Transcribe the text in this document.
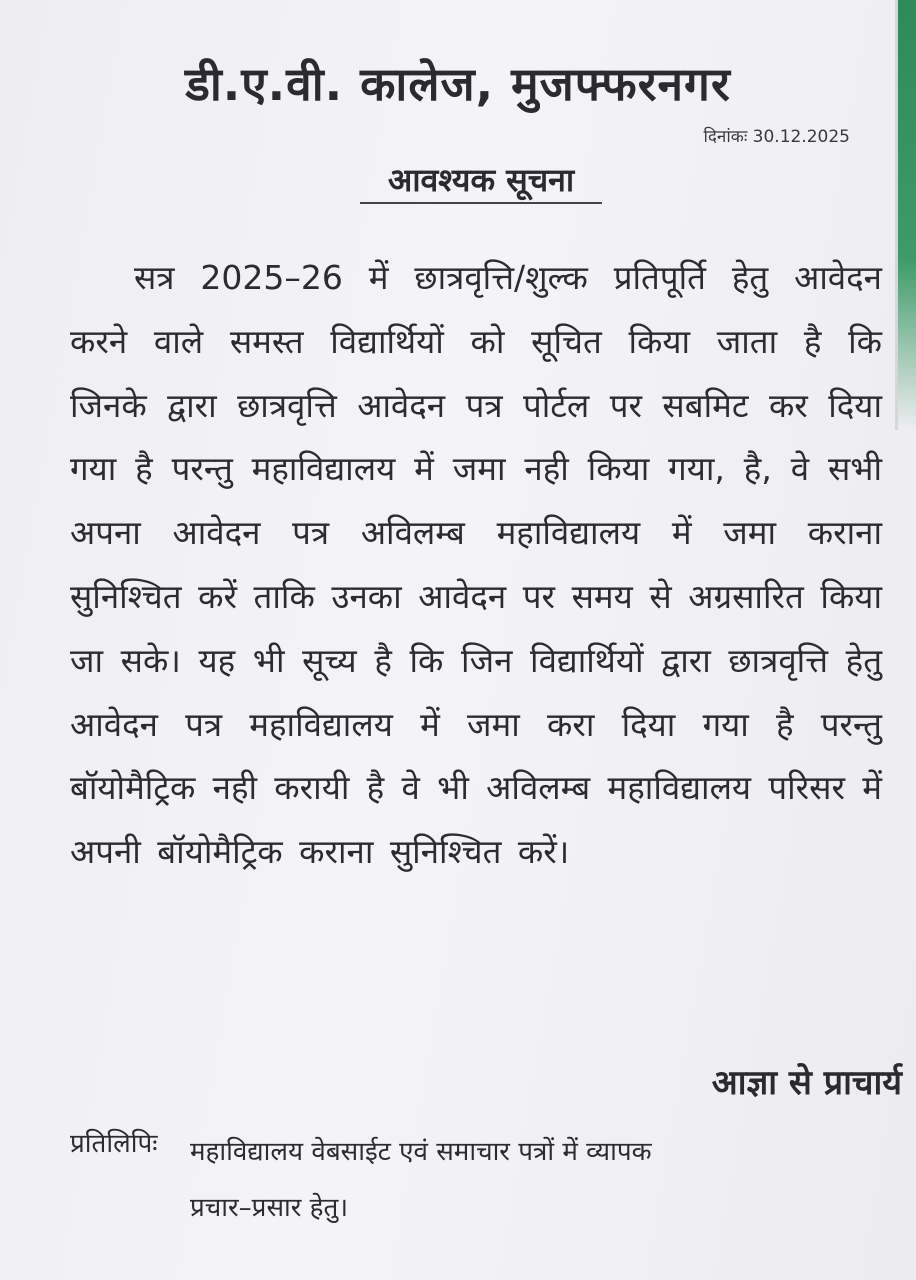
डी.ए.वी. कालेज, मुजफ्फरनगर
दिनांकः 30.12.2025
आवश्यक सूचना

सत्र 2025–26 में छात्रवृत्ति/शुल्क प्रतिपूर्ति हेतु आवेदन करने वाले समस्त विद्यार्थियों को सूचित किया जाता है कि जिनके द्वारा छात्रवृत्ति आवेदन पत्र पोर्टल पर सबमिट कर दिया गया है परन्तु महाविद्यालय में जमा नही किया गया, है, वे सभी अपना आवेदन पत्र अविलम्ब महाविद्यालय में जमा कराना सुनिश्चित करें ताकि उनका आवेदन पर समय से अग्रसारित किया जा सके। यह भी सूच्य है कि जिन विद्यार्थियों द्वारा छात्रवृत्ति हेतु आवेदन पत्र महाविद्यालय में जमा करा दिया गया है परन्तु बॉयोमैट्रिक नही करायी है वे भी अविलम्ब महाविद्यालय परिसर में अपनी बॉयोमैट्रिक कराना सुनिश्चित करें।

आज्ञा से प्राचार्य
प्रतिलिपिः महाविद्यालय वेबसाईट एवं समाचार पत्रों में व्यापक
प्रचार–प्रसार हेतु।
